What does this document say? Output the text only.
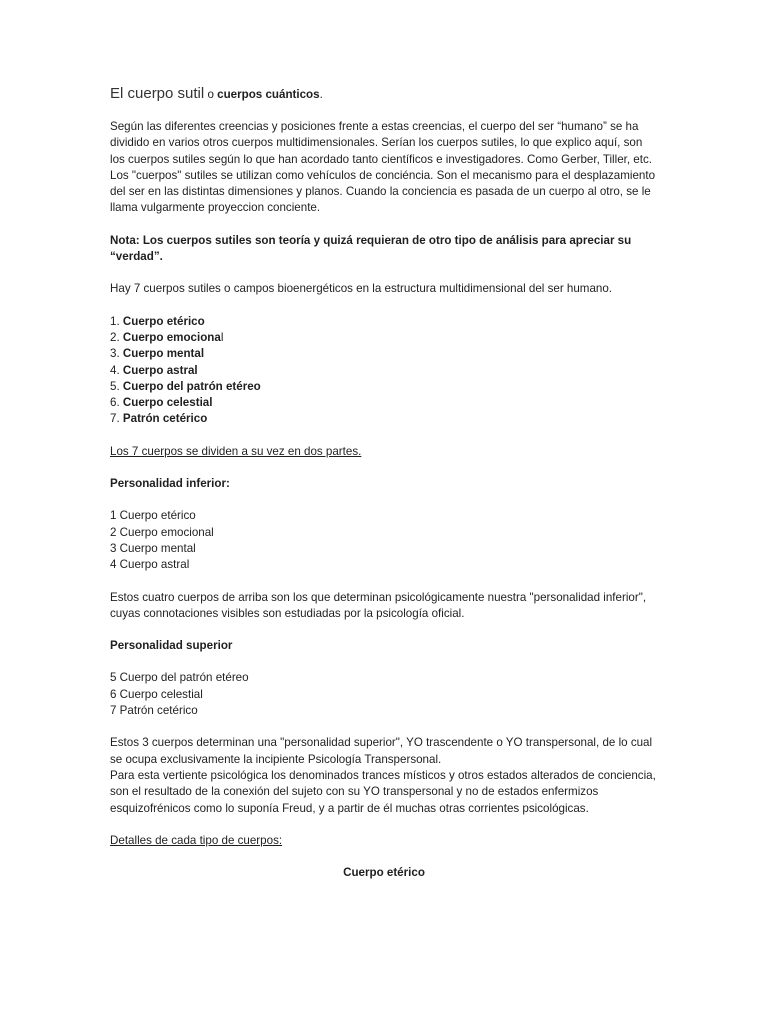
El cuerpo sutil o cuerpos cuánticos.

Según las diferentes creencias y posiciones frente a estas creencias, el cuerpo del ser “humano” se ha dividido en varios otros cuerpos multidimensionales. Serían los cuerpos sutiles, lo que explico aquí, son los cuerpos sutiles según lo que han acordado tanto científicos e investigadores. Como Gerber, Tiller, etc. Los "cuerpos" sutiles se utilizan como vehículos de conciéncia. Son el mecanismo para el desplazamiento del ser en las distintas dimensiones y planos. Cuando la conciencia es pasada de un cuerpo al otro, se le llama vulgarmente proyeccion conciente.

Nota: Los cuerpos sutiles son teoría y quizá requieran de otro tipo de análisis para apreciar su “verdad”.

Hay 7 cuerpos sutiles o campos bioenergéticos en la estructura multidimensional del ser humano.

1. Cuerpo etérico
2. Cuerpo emocional
3. Cuerpo mental
4. Cuerpo astral
5. Cuerpo del patrón etéreo
6. Cuerpo celestial
7. Patrón cetérico

Los 7 cuerpos se dividen a su vez en dos partes.

Personalidad inferior:

1 Cuerpo etérico
2 Cuerpo emocional
3 Cuerpo mental
4 Cuerpo astral

Estos cuatro cuerpos de arriba son los que determinan psicológicamente nuestra "personalidad inferior", cuyas connotaciones visibles son estudiadas por la psicología oficial.

Personalidad superior

5 Cuerpo del patrón etéreo
6 Cuerpo celestial
7 Patrón cetérico

Estos 3 cuerpos determinan una "personalidad superior", YO trascendente o YO transpersonal, de lo cual se ocupa exclusivamente la incipiente Psicología Transpersonal.
Para esta vertiente psicológica los denominados trances místicos y otros estados alterados de conciencia, son el resultado de la conexión del sujeto con su YO transpersonal y no de estados enfermizos esquizofrénicos como lo suponía Freud, y a partir de él muchas otras corrientes psicológicas.

Detalles de cada tipo de cuerpos:

Cuerpo etérico
